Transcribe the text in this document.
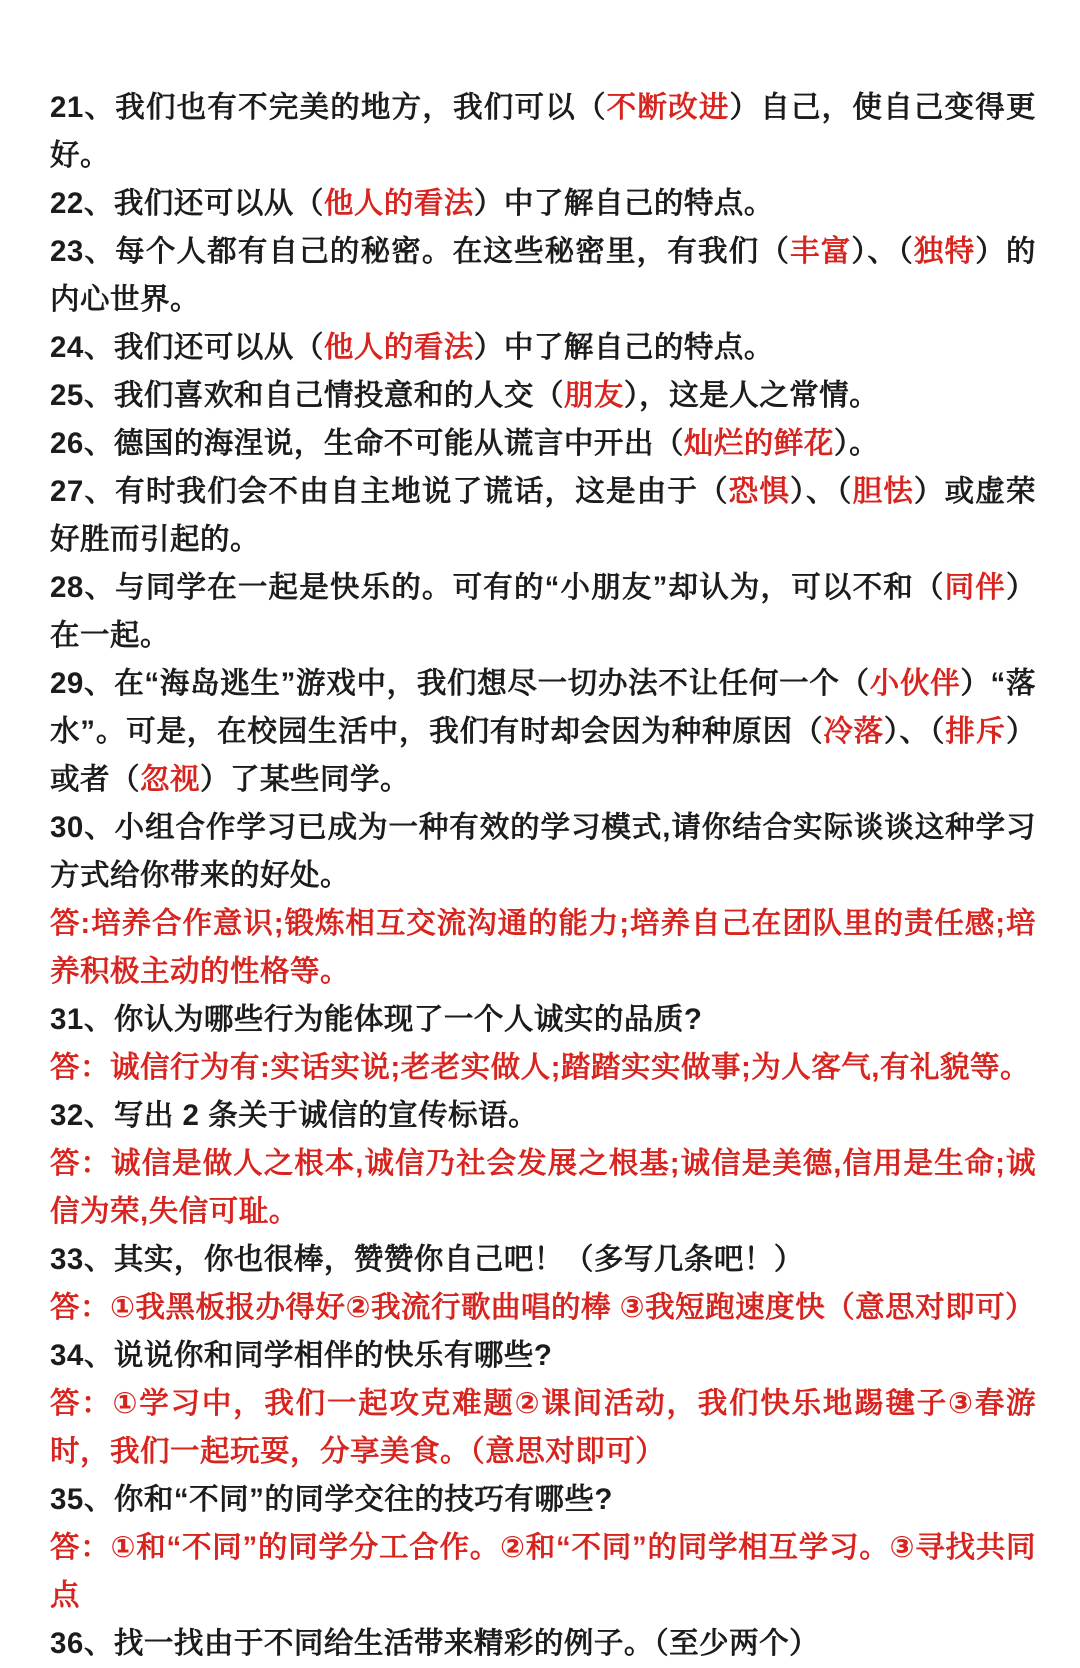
21、我们也有不完美的地方，我们可以（不断改进）自己，使自己变得更好。

22、我们还可以从（他人的看法）中了解自己的特点。

23、每个人都有自己的秘密。在这些秘密里，有我们（丰富）、（独特）的内心世界。

24、我们还可以从（他人的看法）中了解自己的特点。

25、我们喜欢和自己情投意和的人交（朋友），这是人之常情。

26、德国的海涅说，生命不可能从谎言中开出（灿烂的鲜花）。

27、有时我们会不由自主地说了谎话，这是由于（恐惧）、（胆怯）或虚荣好胜而引起的。

28、与同学在一起是快乐的。可有的“小朋友”却认为，可以不和（同伴）在一起。

29、在“海岛逃生”游戏中，我们想尽一切办法不让任何一个（小伙伴）“落水”。可是，在校园生活中，我们有时却会因为种种原因（冷落）、（排斥）或者（忽视）了某些同学。

30、小组合作学习已成为一种有效的学习模式,请你结合实际谈谈这种学习方式给你带来的好处。

答:培养合作意识;锻炼相互交流沟通的能力;培养自己在团队里的责任感;培养积极主动的性格等。

31、你认为哪些行为能体现了一个人诚实的品质?

答：诚信行为有:实话实说;老老实做人;踏踏实实做事;为人客气,有礼貌等。

32、写出 2 条关于诚信的宣传标语。

答：诚信是做人之根本,诚信乃社会发展之根基;诚信是美德,信用是生命;诚信为荣,失信可耻。

33、其实，你也很棒，赞赞你自己吧！（多写几条吧！）

答：①我黑板报办得好②我流行歌曲唱的棒 ③我短跑速度快（意思对即可）

34、说说你和同学相伴的快乐有哪些?

答：①学习中，我们一起攻克难题②课间活动，我们快乐地踢毽子③春游时，我们一起玩耍，分享美食。（意思对即可）

35、你和“不同”的同学交往的技巧有哪些?

答：①和“不同”的同学分工合作。②和“不同”的同学相互学习。③寻找共同点

36、找一找由于不同给生活带来精彩的例子。（至少两个）
